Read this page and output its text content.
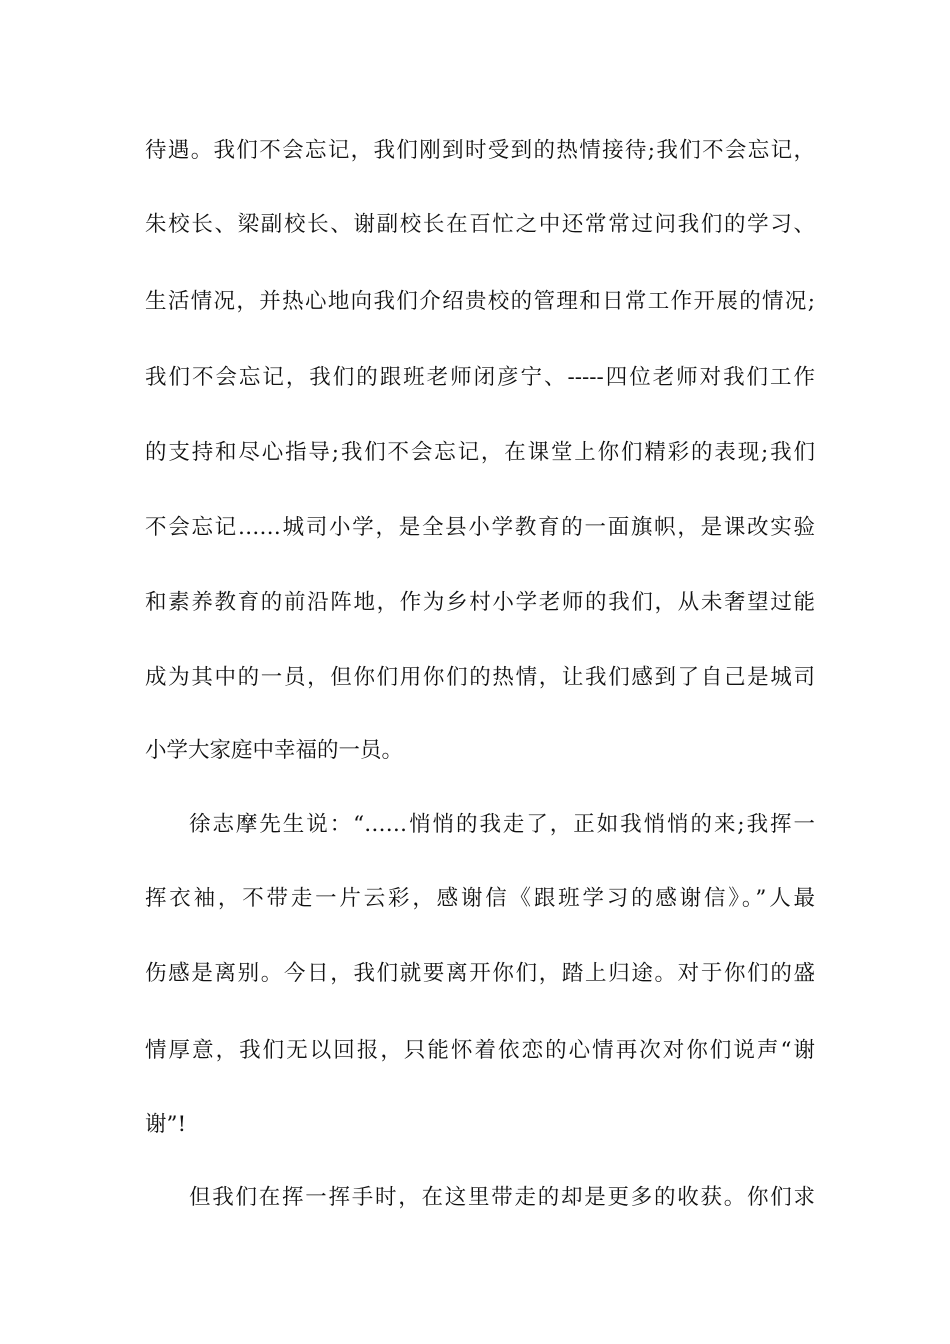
待遇。我们不会忘记，我们刚到时受到的热情接待;我们不会忘记，
朱校长、梁副校长、谢副校长在百忙之中还常常过问我们的学习、
生活情况，并热心地向我们介绍贵校的管理和日常工作开展的情况;
我们不会忘记，我们的跟班老师闭彦宁、-----四位老师对我们工作
的支持和尽心指导;我们不会忘记，在课堂上你们精彩的表现;我们
不会忘记……城司小学，是全县小学教育的一面旗帜，是课改实验
和素养教育的前沿阵地，作为乡村小学老师的我们，从未奢望过能
成为其中的一员，但你们用你们的热情，让我们感到了自己是城司
小学大家庭中幸福的一员。
徐志摩先生说：“……悄悄的我走了，正如我悄悄的来;我挥一
挥衣袖，不带走一片云彩，感谢信《跟班学习的感谢信》。”人最
伤感是离别。今日，我们就要离开你们，踏上归途。对于你们的盛
情厚意，我们无以回报，只能怀着依恋的心情再次对你们说声“谢
谢”!
但我们在挥一挥手时，在这里带走的却是更多的收获。你们求
